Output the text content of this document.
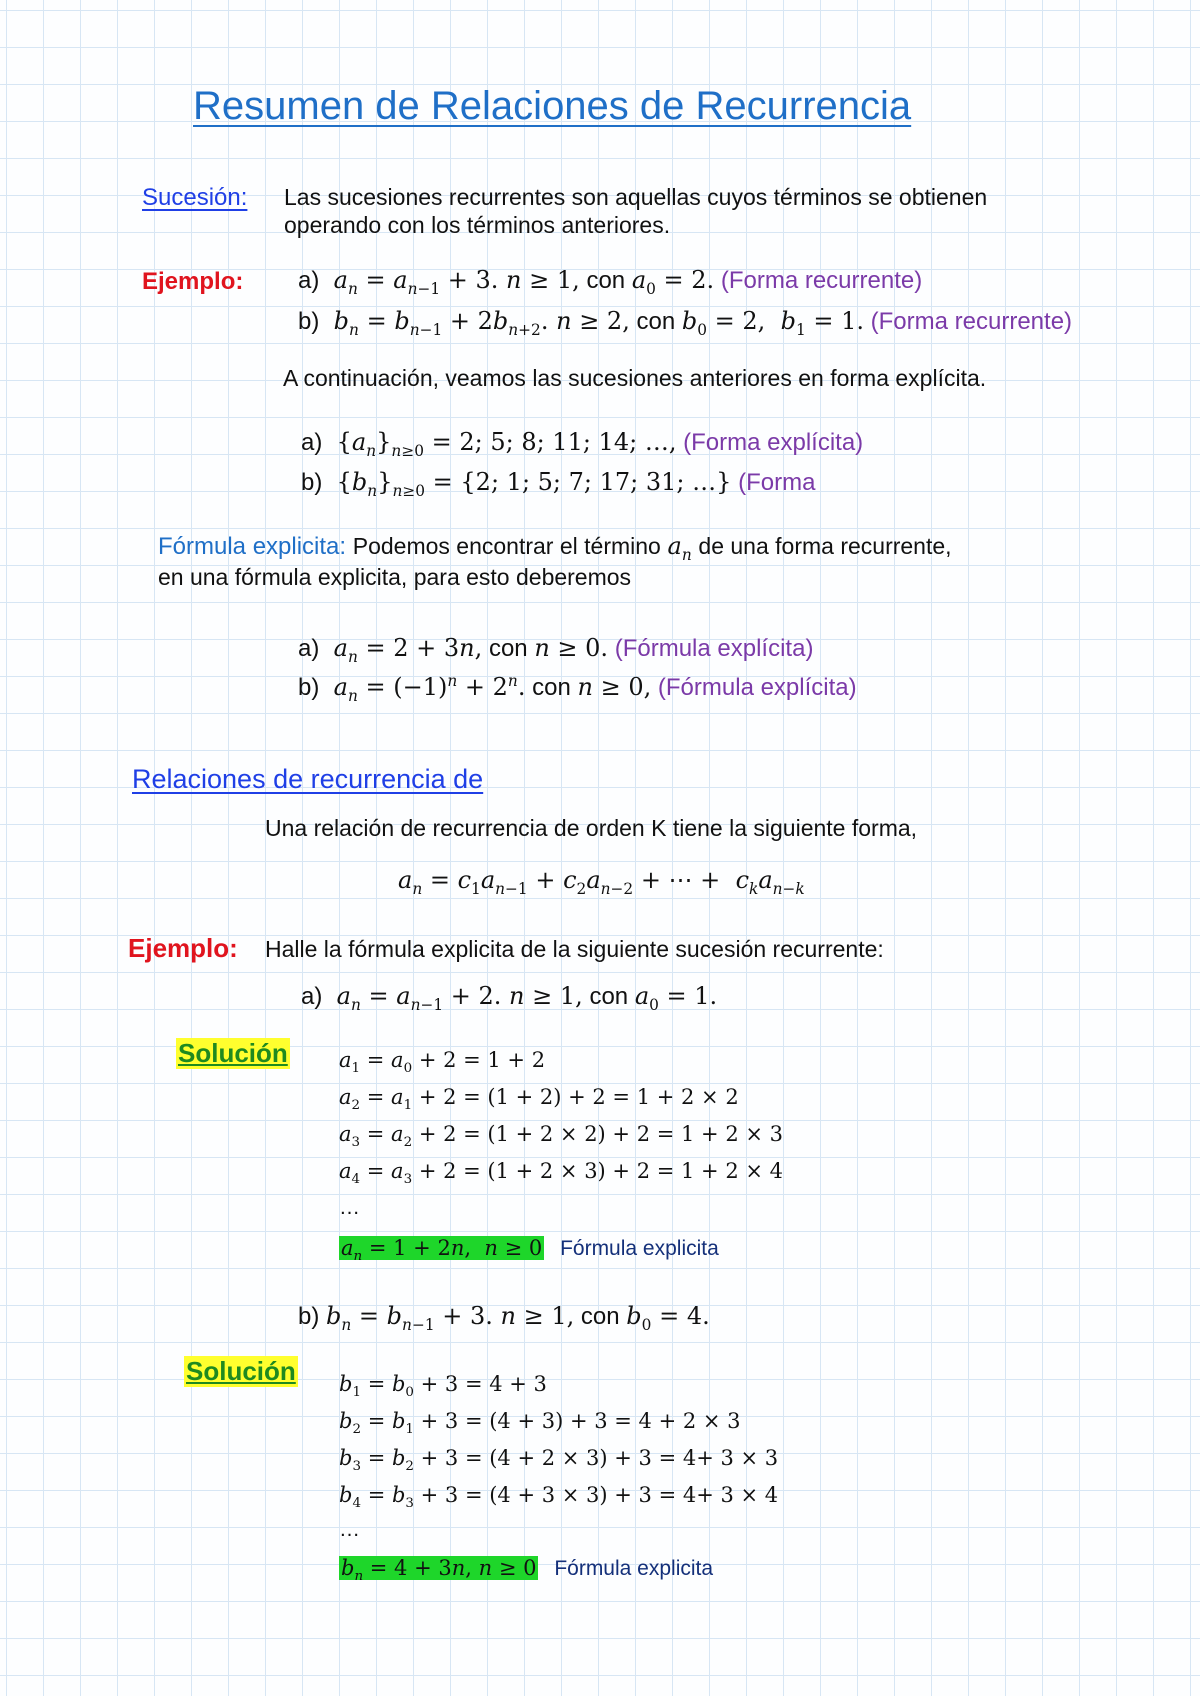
Resumen de Relaciones de Recurrencia
Sucesión: Las sucesiones recurrentes son aquellas cuyos términos se obtienen
operando con los términos anteriores.
Ejemplo: a) $a_n = a_{n-1} + 3$. n ≥ 1, con $a_0 = 2$. (Forma recurrente)
b) $b_n = b_{n-1} + 2b_{n+2}$. n ≥ 2, con $b_0 = 2$,  $b_1 = 1$. (Forma recurrente)
A continuación, veamos las sucesiones anteriores en forma explícita.
a)  $\{a_n\}_{n\ge 0} = 2$; 5; 8; 11; 14; …, (Forma explícita)
b)  $\{b_n\}_{n\ge 0} = \{2$; 1; 5; 7; 17; 31; …} (Forma
Fórmula explicita: Podemos encontrar el término $a_n$ de una forma recurrente,
en una fórmula explicita, para esto deberemos
a) $a_n = 2 + 3n$, con n ≥ 0. (Fórmula explícita)
b) $a_n = (-1)^n + 2^n$. con n ≥ 0, (Fórmula explícita)
Relaciones de recurrencia de
Una relación de recurrencia de orden K tiene la siguiente forma,
$a_n = c_1a_{n-1} + c_2a_{n-2}$ + ⋯ +  $c_ka_{n-k}$
Ejemplo: Halle la fórmula explicita de la siguiente sucesión recurrente:
a) $a_n = a_{n-1} + 2$. n ≥ 1, con $a_0 = 1$.
Solución $a_1 = a_0 + 2 = 1 + 2$
$a_2 = a_1 + 2 = (1 + 2) + 2 = 1 + 2 \times 2$
$a_3 = a_2 + 2 = (1 + 2 \times 2) + 2 = 1 + 2 \times 3$
$a_4 = a_3 + 2 = (1 + 2 \times 3) + 2 = 1 + 2 \times 4$
…
$a_n = 1 + 2n$,  n ≥ 0 Fórmula explicita
b) $b_n = b_{n-1} + 3$. n ≥ 1, con $b_0 = 4$.
Solución $b_1 = b_0 + 3 = 4 + 3$
$b_2 = b_1 + 3 = (4 + 3) + 3 = 4 + 2 \times 3$
$b_3 = b_2 + 3 = (4 + 2 \times 3) + 3 = 4+ 3 \times 3$
$b_4 = b_3 + 3 = (4 + 3 \times 3) + 3 = 4+ 3 \times 4$
…
$b_n = 4 + 3n$, n ≥ 0 Fórmula explicita
